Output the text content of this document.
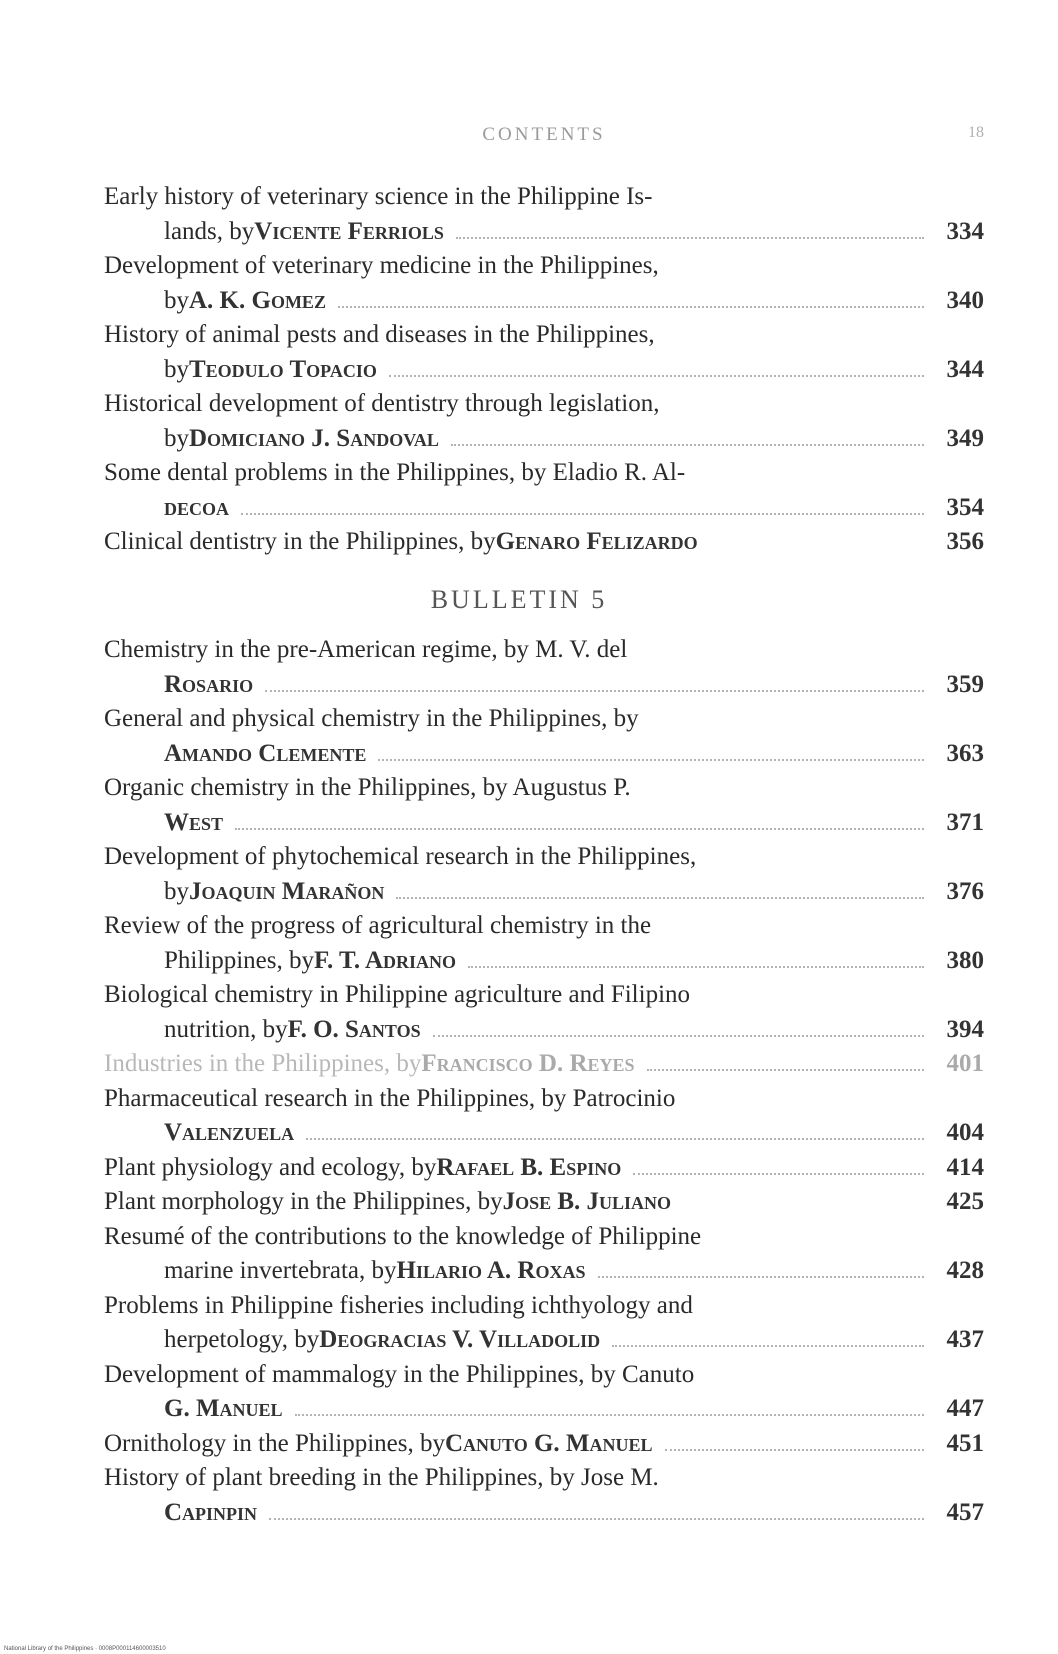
CONTENTS	18
Early history of veterinary science in the Philippine Is-
lands, by Vicente Ferriols	334
Development of veterinary medicine in the Philippines,
by A. K. Gomez	340
History of animal pests and diseases in the Philippines,
by Teodulo Topacio	344
Historical development of dentistry through legislation,
by Domiciano J. Sandoval	349
Some dental problems in the Philippines, by Eladio R. Al-
decoa	354
Clinical dentistry in the Philippines, by Genaro Felizardo	356
BULLETIN 5
Chemistry in the pre-American regime, by M. V. del
Rosario	359
General and physical chemistry in the Philippines, by
Amando Clemente	363
Organic chemistry in the Philippines, by Augustus P.
West	371
Development of phytochemical research in the Philippines,
by Joaquin Marañon	376
Review of the progress of agricultural chemistry in the
Philippines, by F. T. Adriano	380
Biological chemistry in Philippine agriculture and Filipino
nutrition, by F. O. Santos	394
Industries in the Philippines, by Francisco D. Reyes	401
Pharmaceutical research in the Philippines, by Patrocinio
Valenzuela	404
Plant physiology and ecology, by Rafael B. Espino	414
Plant morphology in the Philippines, by Jose B. Juliano	425
Resumé of the contributions to the knowledge of Philippine
marine invertebrata, by Hilario A. Roxas	428
Problems in Philippine fisheries including ichthyology and
herpetology, by Deogracias V. Villadolid	437
Development of mammalogy in the Philippines, by Canuto
G. Manuel	447
Ornithology in the Philippines, by Canuto G. Manuel	451
History of plant breeding in the Philippines, by Jose M.
Capinpin	457
National Library of the Philippines · 0008P000114600003510
